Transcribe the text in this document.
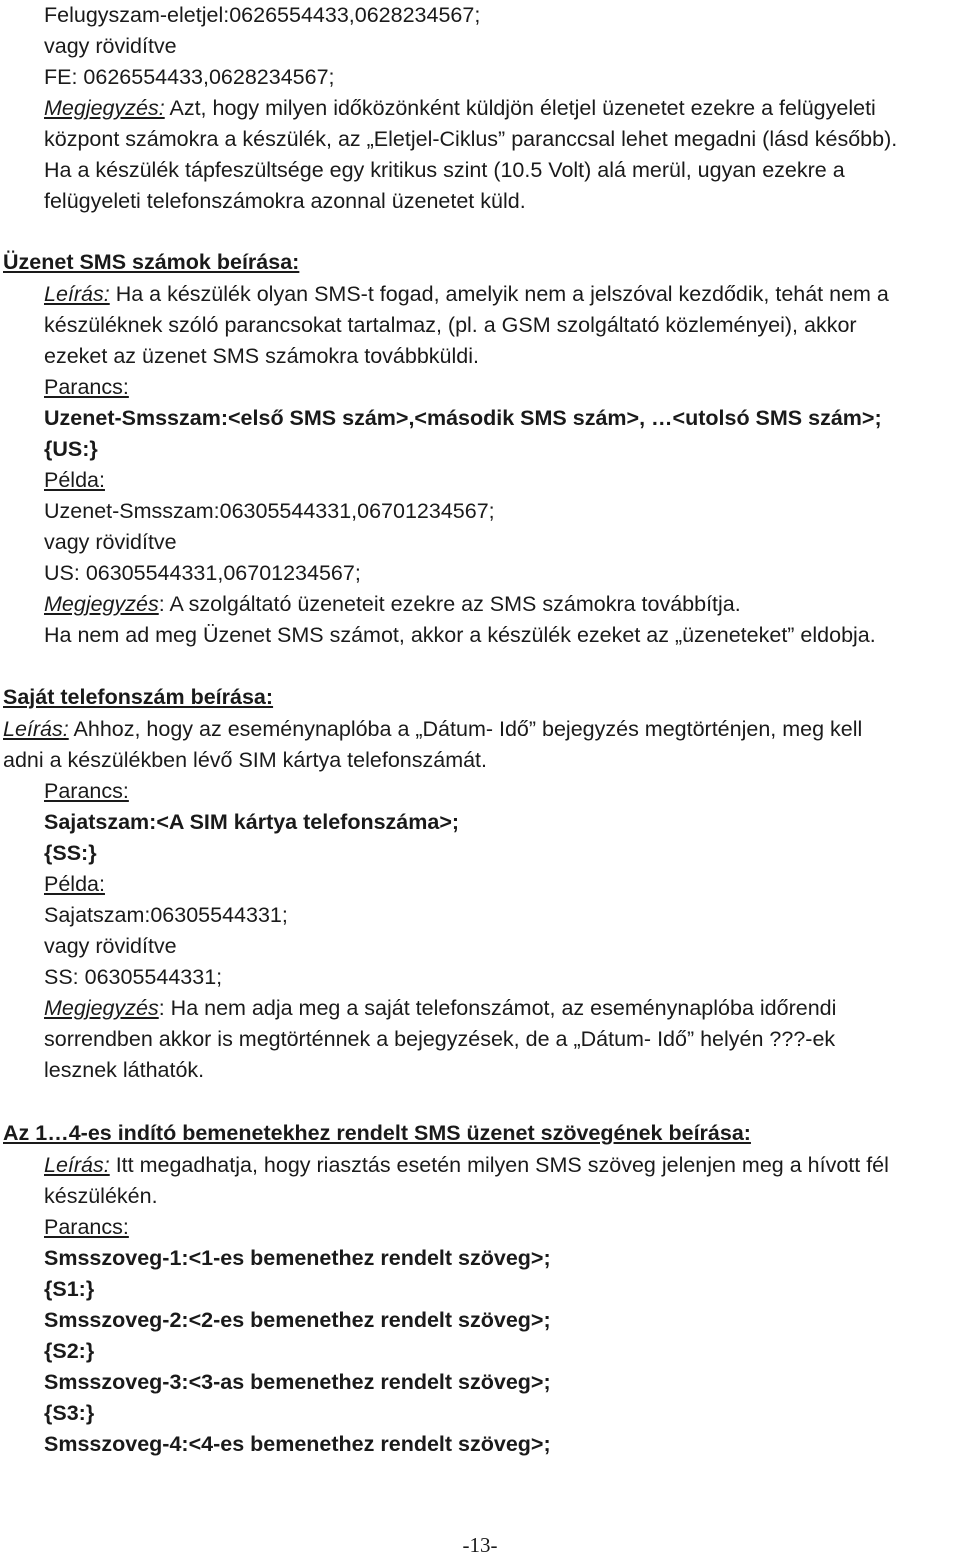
Felugyszam-eletjel:0626554433,0628234567;
vagy rövidítve
FE: 0626554433,0628234567;
Megjegyzés: Azt, hogy milyen időközönként küldjön életjel üzenetet ezekre a felügyeleti
központ számokra a készülék, az „Eletjel-Ciklus” paranccsal lehet megadni (lásd később).
Ha a készülék tápfeszültsége egy kritikus szint (10.5 Volt) alá merül, ugyan ezekre a
felügyeleti telefonszámokra azonnal üzenetet küld.
Üzenet SMS számok beírása:
Leírás: Ha a készülék olyan SMS-t fogad, amelyik nem a jelszóval kezdődik, tehát nem a
készüléknek szóló parancsokat tartalmaz, (pl. a GSM szolgáltató közleményei), akkor
ezeket az üzenet SMS számokra továbbküldi.
Parancs:
Uzenet-Smsszam:<első SMS szám>,<második SMS szám>, …<utolsó SMS szám>;
{US:}
Példa:
Uzenet-Smsszam:06305544331,06701234567;
vagy rövidítve
US: 06305544331,06701234567;
Megjegyzés: A szolgáltató üzeneteit ezekre az SMS számokra továbbítja.
Ha nem ad meg Üzenet SMS számot, akkor a készülék ezeket az „üzeneteket” eldobja.
Saját telefonszám beírása:
Leírás: Ahhoz, hogy az eseménynaplóba a „Dátum- Idő” bejegyzés megtörténjen, meg kell
adni a készülékben lévő SIM kártya telefonszámát.
Parancs:
Sajatszam:<A SIM kártya telefonszáma>;
{SS:}
Példa:
Sajatszam:06305544331;
vagy rövidítve
SS: 06305544331;
Megjegyzés: Ha nem adja meg a saját telefonszámot, az eseménynaplóba időrendi
sorrendben akkor is megtörténnek a bejegyzések, de a „Dátum- Idő” helyén ???-ek
lesznek láthatók.
Az 1…4-es indító bemenetekhez rendelt SMS üzenet szövegének beírása:
Leírás: Itt megadhatja, hogy riasztás esetén milyen SMS szöveg jelenjen meg a hívott fél
készülékén.
Parancs:
Smsszoveg-1:<1-es bemenethez rendelt szöveg>;
{S1:}
Smsszoveg-2:<2-es bemenethez rendelt szöveg>;
{S2:}
Smsszoveg-3:<3-as bemenethez rendelt szöveg>;
{S3:}
Smsszoveg-4:<4-es bemenethez rendelt szöveg>;
-13-
